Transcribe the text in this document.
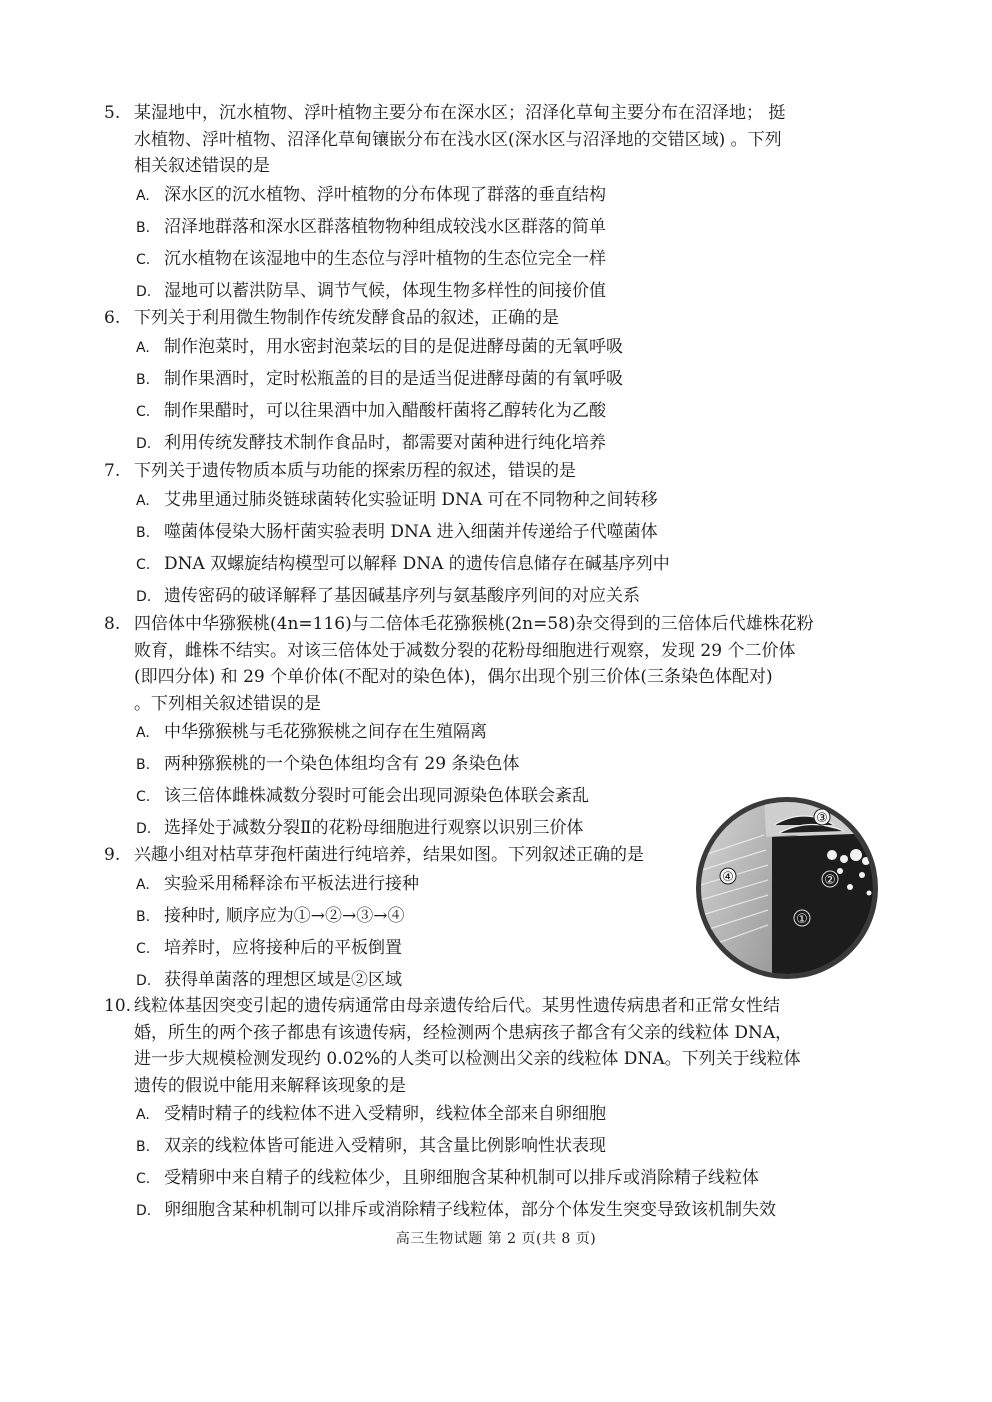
5. 某湿地中，沉水植物、浮叶植物主要分布在深水区；沼泽化草甸主要分布在沼泽地； 挺
水植物、浮叶植物、沼泽化草甸镶嵌分布在浅水区(深水区与沼泽地的交错区域) 。下列
相关叙述错误的是

A. 深水区的沉水植物、浮叶植物的分布体现了群落的垂直结构

B. 沼泽地群落和深水区群落植物物种组成较浅水区群落的简单

C. 沉水植物在该湿地中的生态位与浮叶植物的生态位完全一样

D. 湿地可以蓄洪防旱、调节气候，体现生物多样性的间接价值

6. 下列关于利用微生物制作传统发酵食品的叙述，正确的是

A. 制作泡菜时，用水密封泡菜坛的目的是促进酵母菌的无氧呼吸

B. 制作果酒时，定时松瓶盖的目的是适当促进酵母菌的有氧呼吸

C. 制作果醋时，可以往果酒中加入醋酸杆菌将乙醇转化为乙酸

D. 利用传统发酵技术制作食品时，都需要对菌种进行纯化培养

7. 下列关于遗传物质本质与功能的探索历程的叙述，错误的是

A. 艾弗里通过肺炎链球菌转化实验证明 DNA 可在不同物种之间转移

B. 噬菌体侵染大肠杆菌实验表明 DNA 进入细菌并传递给子代噬菌体

C. DNA 双螺旋结构模型可以解释 DNA 的遗传信息储存在碱基序列中

D. 遗传密码的破译解释了基因碱基序列与氨基酸序列间的对应关系

8. 四倍体中华猕猴桃(4n=116)与二倍体毛花猕猴桃(2n=58)杂交得到的三倍体后代雄株花粉
败育，雌株不结实。对该三倍体处于减数分裂的花粉母细胞进行观察，发现 29 个二价体
(即四分体) 和 29 个单价体(不配对的染色体)，偶尔出现个别三价体(三条染色体配对)
。下列相关叙述错误的是

A. 中华猕猴桃与毛花猕猴桃之间存在生殖隔离

B. 两种猕猴桃的一个染色体组均含有 29 条染色体

C. 该三倍体雌株减数分裂时可能会出现同源染色体联会紊乱

D. 选择处于减数分裂Ⅱ的花粉母细胞进行观察以识别三价体

9. 兴趣小组对枯草芽孢杆菌进行纯培养，结果如图。下列叙述正确的是

A. 实验采用稀释涂布平板法进行接种

B. 接种时, 顺序应为①→②→③→④

C. 培养时，应将接种后的平板倒置

D. 获得单菌落的理想区域是②区域

③
④	②
①

10. 线粒体基因突变引起的遗传病通常由母亲遗传给后代。某男性遗传病患者和正常女性结
婚，所生的两个孩子都患有该遗传病，经检测两个患病孩子都含有父亲的线粒体 DNA，
进一步大规模检测发现约 0.02%的人类可以检测出父亲的线粒体 DNA。下列关于线粒体
遗传的假说中能用来解释该现象的是

A. 受精时精子的线粒体不进入受精卵，线粒体全部来自卵细胞

B. 双亲的线粒体皆可能进入受精卵，其含量比例影响性状表现

C. 受精卵中来自精子的线粒体少，且卵细胞含某种机制可以排斥或消除精子线粒体

D. 卵细胞含某种机制可以排斥或消除精子线粒体，部分个体发生突变导致该机制失效

高三生物试题 第 2 页(共 8 页)
